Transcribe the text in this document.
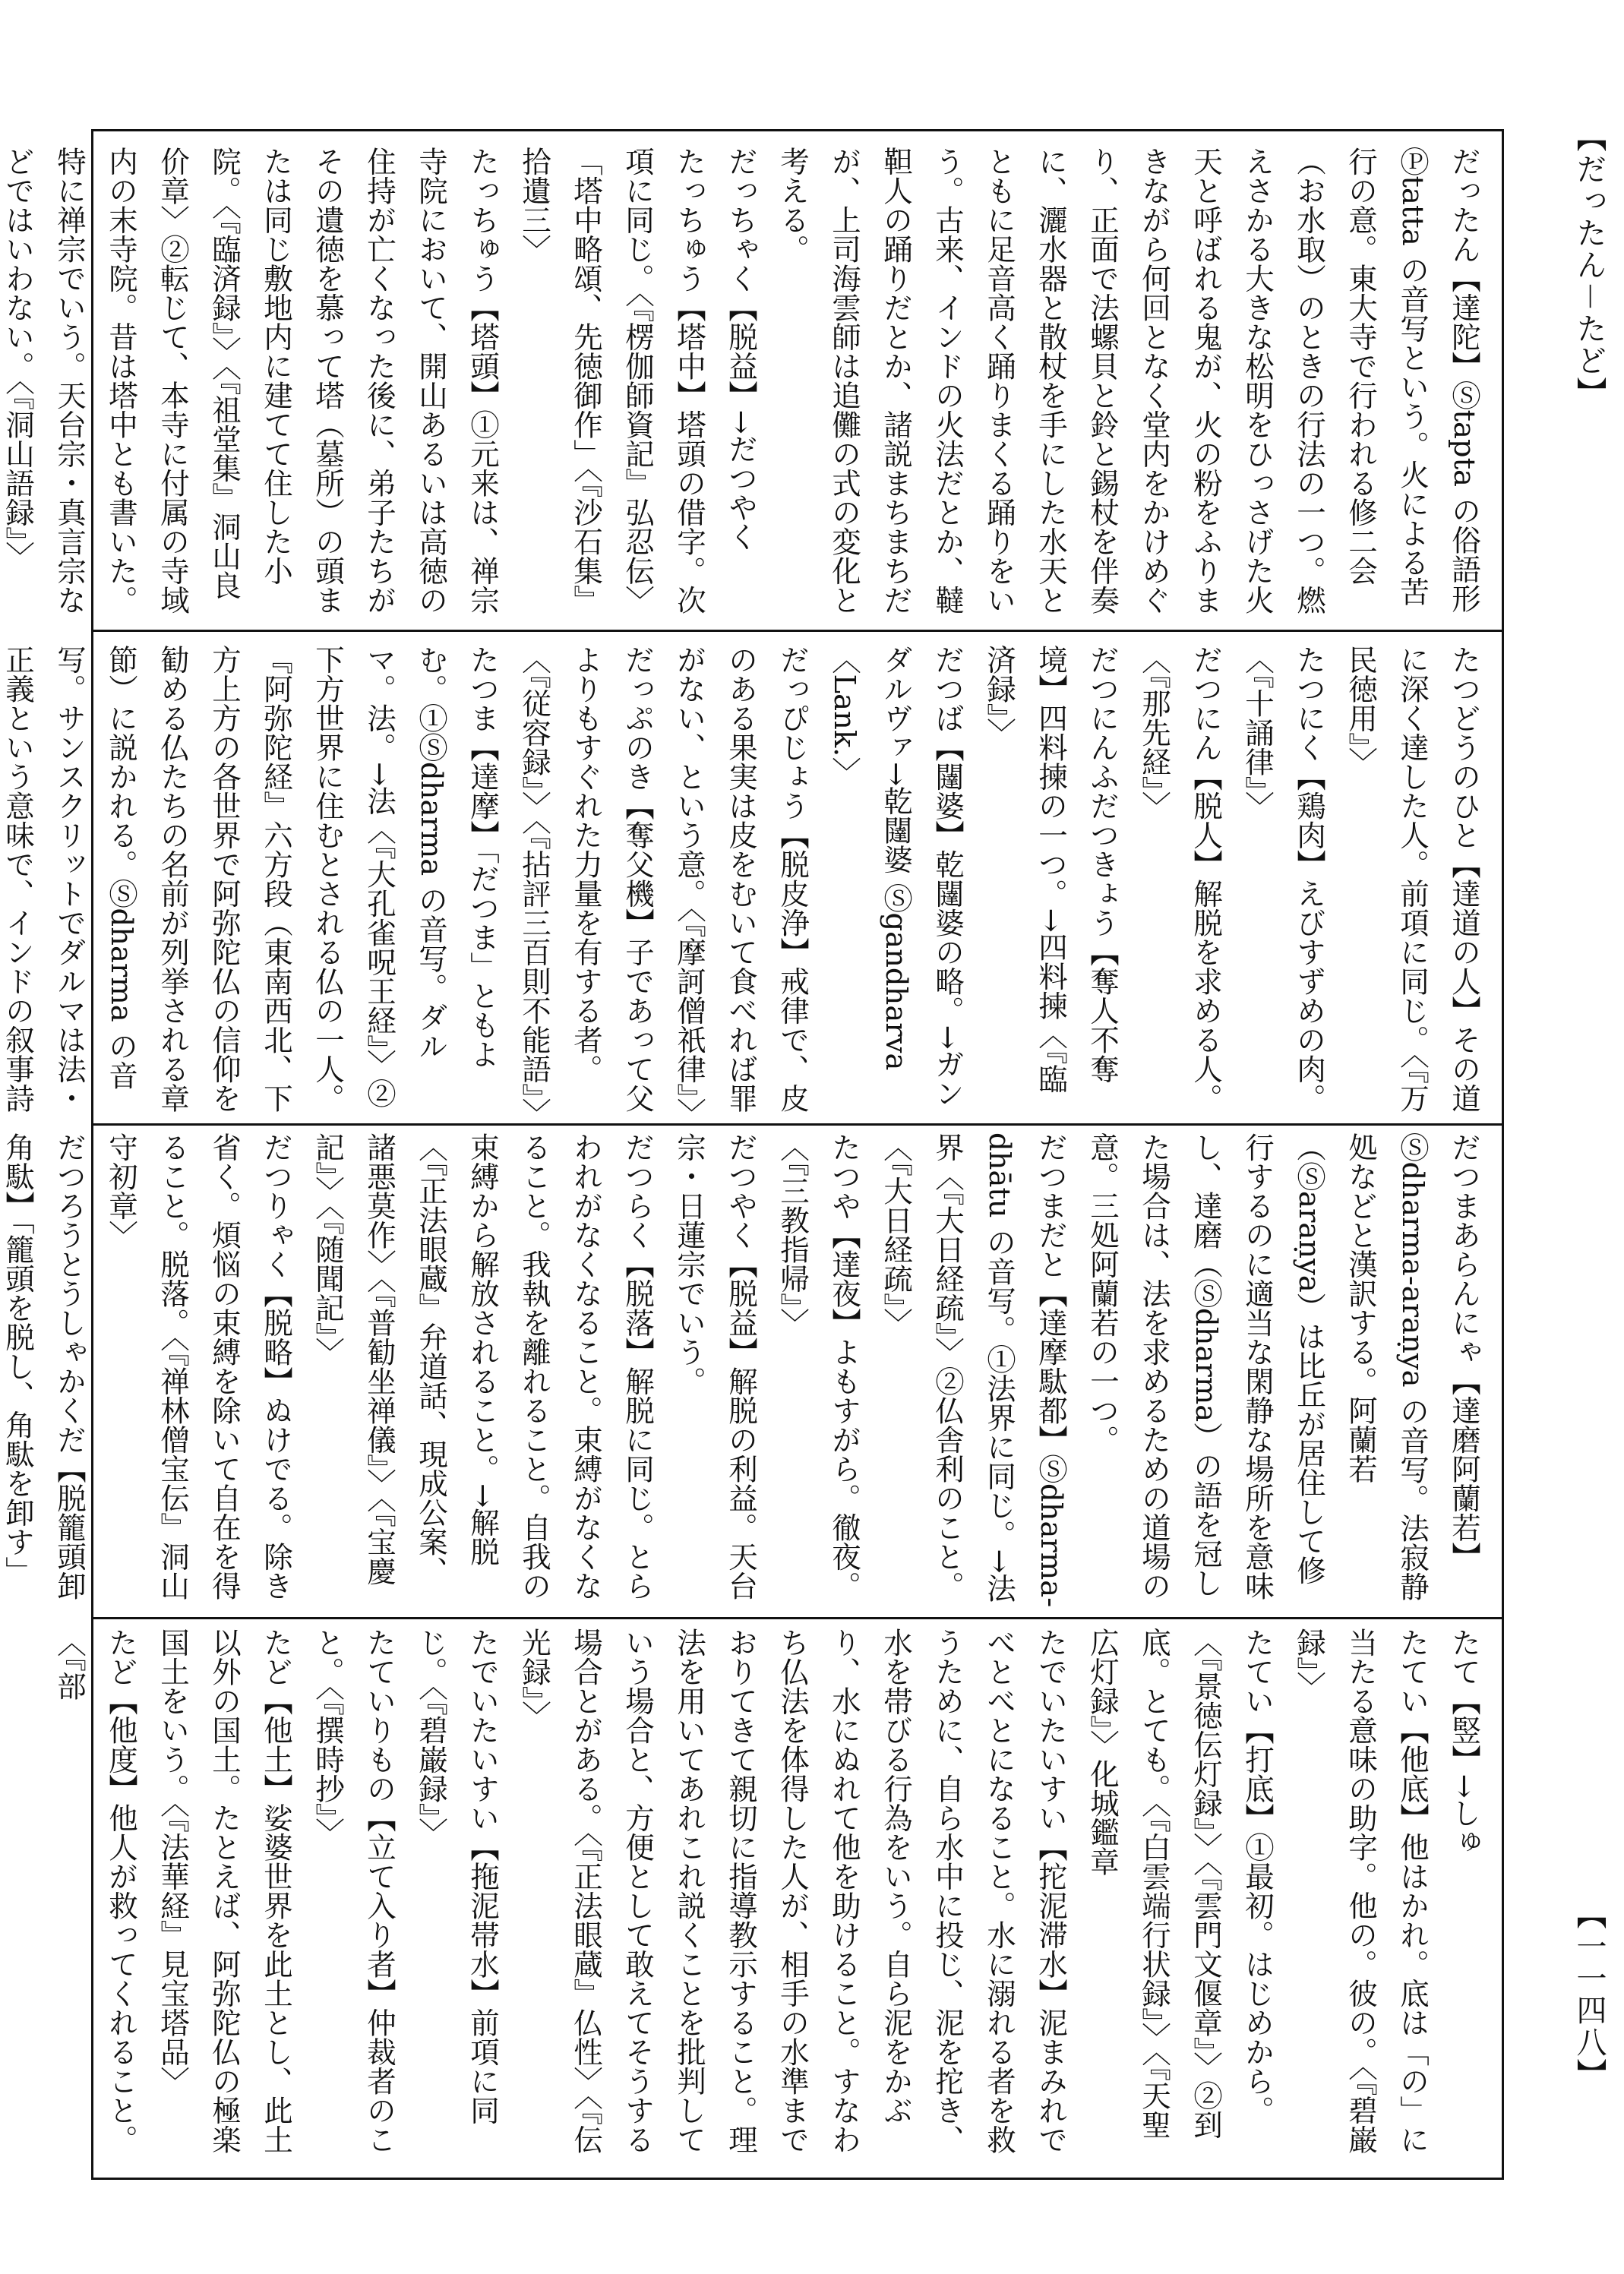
【だったん－たど】
【一一四八】

だったん【達陀】Ⓢtapta の俗語形Ⓟtatta の音写という。火による苦行の意。東大寺で行われる修二会（お水取）のときの行法の一つ。燃えさかる大きな松明をひっさげた火天と呼ばれる鬼が、火の粉をふりまきながら何回となく堂内をかけめぐり、正面で法螺貝と鈴と錫杖を伴奏に、灑水器と散杖を手にした水天とともに足音高く踊りまくる踊りをいう。古来、インドの火法だとか、韃靼人の踊りだとか、諸説まちまちだが、上司海雲師は追儺の式の変化と考える。

だっちゃく【脱益】→だつやく

たっちゅう【塔中】塔頭の借字。次項に同じ。〈『楞伽師資記』弘忍伝〉「塔中略頌、先徳御作」〈『沙石集』拾遺三〉

たっちゅう【塔頭】①元来は、禅宗寺院において、開山あるいは高徳の住持が亡くなった後に、弟子たちがその遺徳を慕って塔（墓所）の頭または同じ敷地内に建てて住した小院。〈『臨済録』〉〈『祖堂集』洞山良价章〉②転じて、本寺に付属の寺域内の末寺院。昔は塔中とも書いた。特に禅宗でいう。天台宗・真言宗などではいわない。〈『洞山語録』〉

たつどうのひと【達道の人】その道に深く達した人。前項に同じ。〈『万民徳用』〉

たつにく【鶏肉】えびすずめの肉。〈『十誦律』〉

だつにん【脱人】解脱を求める人。〈『那先経』〉

だつにんふだつきょう【奪人不奪境】四料揀の一つ。→四料揀〈『臨済録』〉

だつば【闥婆】乾闥婆の略。→ガンダルヴァ→乾闥婆 Ⓢgandharva〈Lank.〉

だっぴじょう【脱皮浄】戒律で、皮のある果実は皮をむいて食べれば罪がない、という意。〈『摩訶僧祇律』〉

だっぷのき【奪父機】子であって父よりもすぐれた力量を有する者。〈『従容録』〉〈『拈評三百則不能語』〉

たつま【達摩】「だつま」ともよむ。①Ⓢdharma の音写。ダルマ。法。→法〈『大孔雀呪王経』〉②下方世界に住むとされる仏の一人。『阿弥陀経』六方段（東南西北、下方上方の各世界で阿弥陀仏の信仰を勧める仏たちの名前が列挙される章節）に説かれる。Ⓢdharma の音写。サンスクリットでダルマは法・正義という意味で、インドの叙事詩

だつまあらんにゃ【達磨阿蘭若】Ⓢdharma-araṇya の音写。法寂静処などと漢訳する。阿蘭若（Ⓢaraṇya）は比丘が居住して修行するのに適当な閑静な場所を意味し、達磨（Ⓢdharma）の語を冠した場合は、法を求めるための道場の意。三処阿蘭若の一つ。

だつまだと【達摩駄都】Ⓢdharma-dhātu の音写。①法界に同じ。→法界〈『大日経疏』〉②仏舎利のこと。〈『大日経疏』〉

たつや【達夜】よもすがら。徹夜。〈『三教指帰』〉

だつやく【脱益】解脱の利益。天台宗・日蓮宗でいう。

だつらく【脱落】解脱に同じ。とらわれがなくなること。束縛がなくなること。我執を離れること。自我の束縛から解放されること。→解脱〈『正法眼蔵』弁道話、現成公案、諸悪莫作〉〈『普勧坐禅儀』〉〈『宝慶記』〉〈『随聞記』〉

だつりゃく【脱略】ぬけでる。除き省く。煩悩の束縛を除いて自在を得ること。脱落。〈『禅林僧宝伝』洞山守初章〉

だつろうとうしゃかくだ【脱籠頭卸角駄】「籠頭を脱し、角駄を卸す」

たて【竪】→しゅ

たてい【他底】他はかれ。底は「の」に当たる意味の助字。他の。彼の。〈『碧巌録』〉

たてい【打底】①最初。はじめから。〈『景徳伝灯録』〉〈『雲門文偃章』〉②到底。とても。〈『白雲端行状録』〉〈『天聖広灯録』〉化城鑑章

たでいたいすい【拕泥滞水】泥まみれでべとべとになること。水に溺れる者を救うために、自ら水中に投じ、泥を拕き、水を帯びる行為をいう。自ら泥をかぶり、水にぬれて他を助けること。すなわち仏法を体得した人が、相手の水準までおりてきて親切に指導教示すること。理法を用いてあれこれ説くことを批判していう場合と、方便として敢えてそうする場合とがある。〈『正法眼蔵』仏性〉〈『伝光録』〉

たでいたいすい【拖泥帯水】前項に同じ。〈『碧巌録』〉

たていりもの【立て入り者】仲裁者のこと。〈『撰時抄』〉

たど【他土】娑婆世界を此土とし、此土以外の国土。たとえば、阿弥陀仏の極楽国土をいう。〈『法華経』見宝塔品〉

たど【他度】他人が救ってくれること。〈『部
